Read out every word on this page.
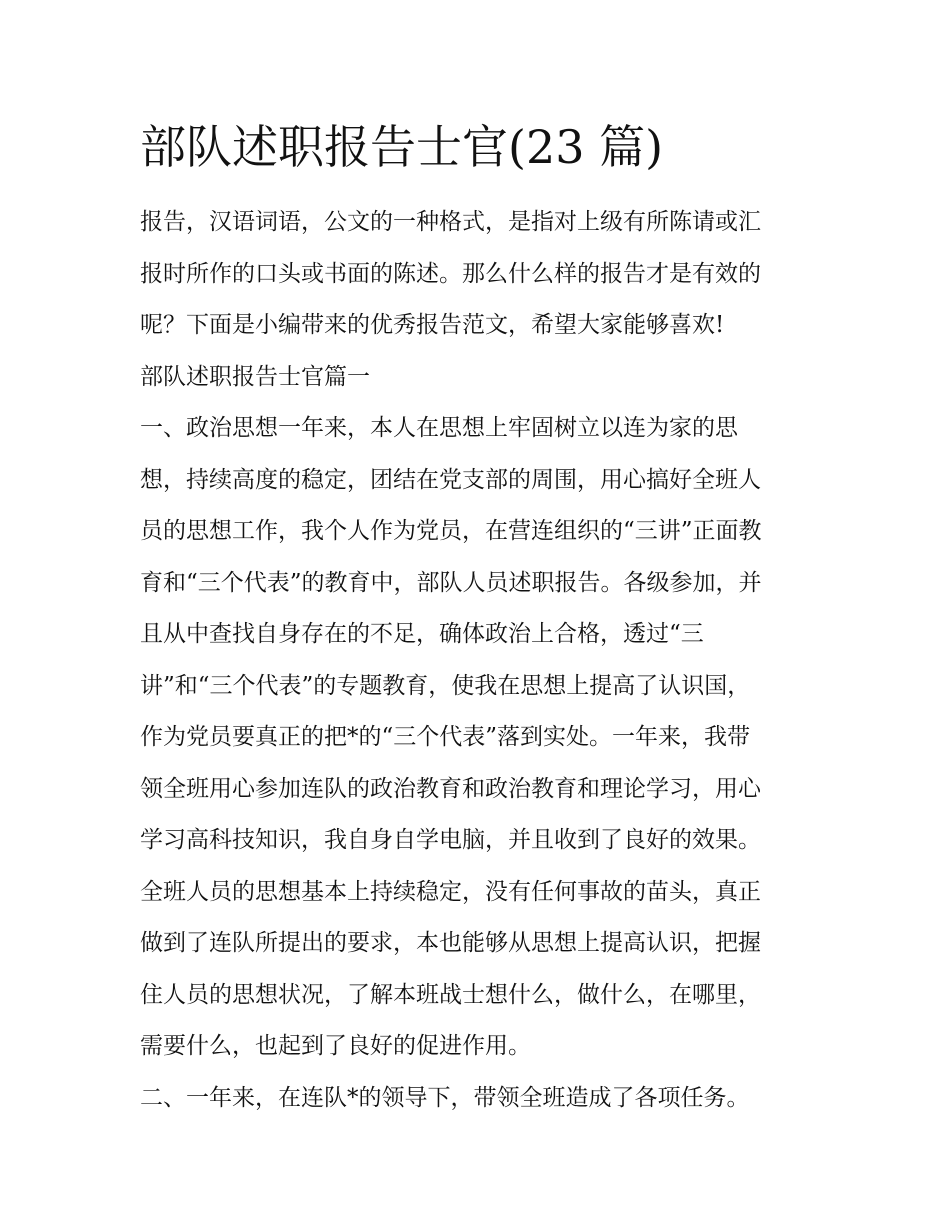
部队述职报告士官(23 篇)

报告，汉语词语，公文的一种格式，是指对上级有所陈请或汇

报时所作的口头或书面的陈述。那么什么样的报告才是有效的

呢？下面是小编带来的优秀报告范文，希望大家能够喜欢!

部队述职报告士官篇一

一、政治思想一年来，本人在思想上牢固树立以连为家的思

想，持续高度的稳定，团结在党支部的周围，用心搞好全班人

员的思想工作，我个人作为党员，在营连组织的“三讲”正面教

育和“三个代表”的教育中，部队人员述职报告。各级参加，并

且从中查找自身存在的不足，确体政治上合格，透过“三

讲”和“三个代表”的专题教育，使我在思想上提高了认识国，

作为党员要真正的把*的“三个代表”落到实处。一年来，我带

领全班用心参加连队的政治教育和政治教育和理论学习，用心

学习高科技知识，我自身自学电脑，并且收到了良好的效果。

全班人员的思想基本上持续稳定，没有任何事故的苗头，真正

做到了连队所提出的要求，本也能够从思想上提高认识，把握

住人员的思想状况，了解本班战士想什么，做什么，在哪里，

需要什么，也起到了良好的促进作用。

二、一年来，在连队*的领导下，带领全班造成了各项任务。
